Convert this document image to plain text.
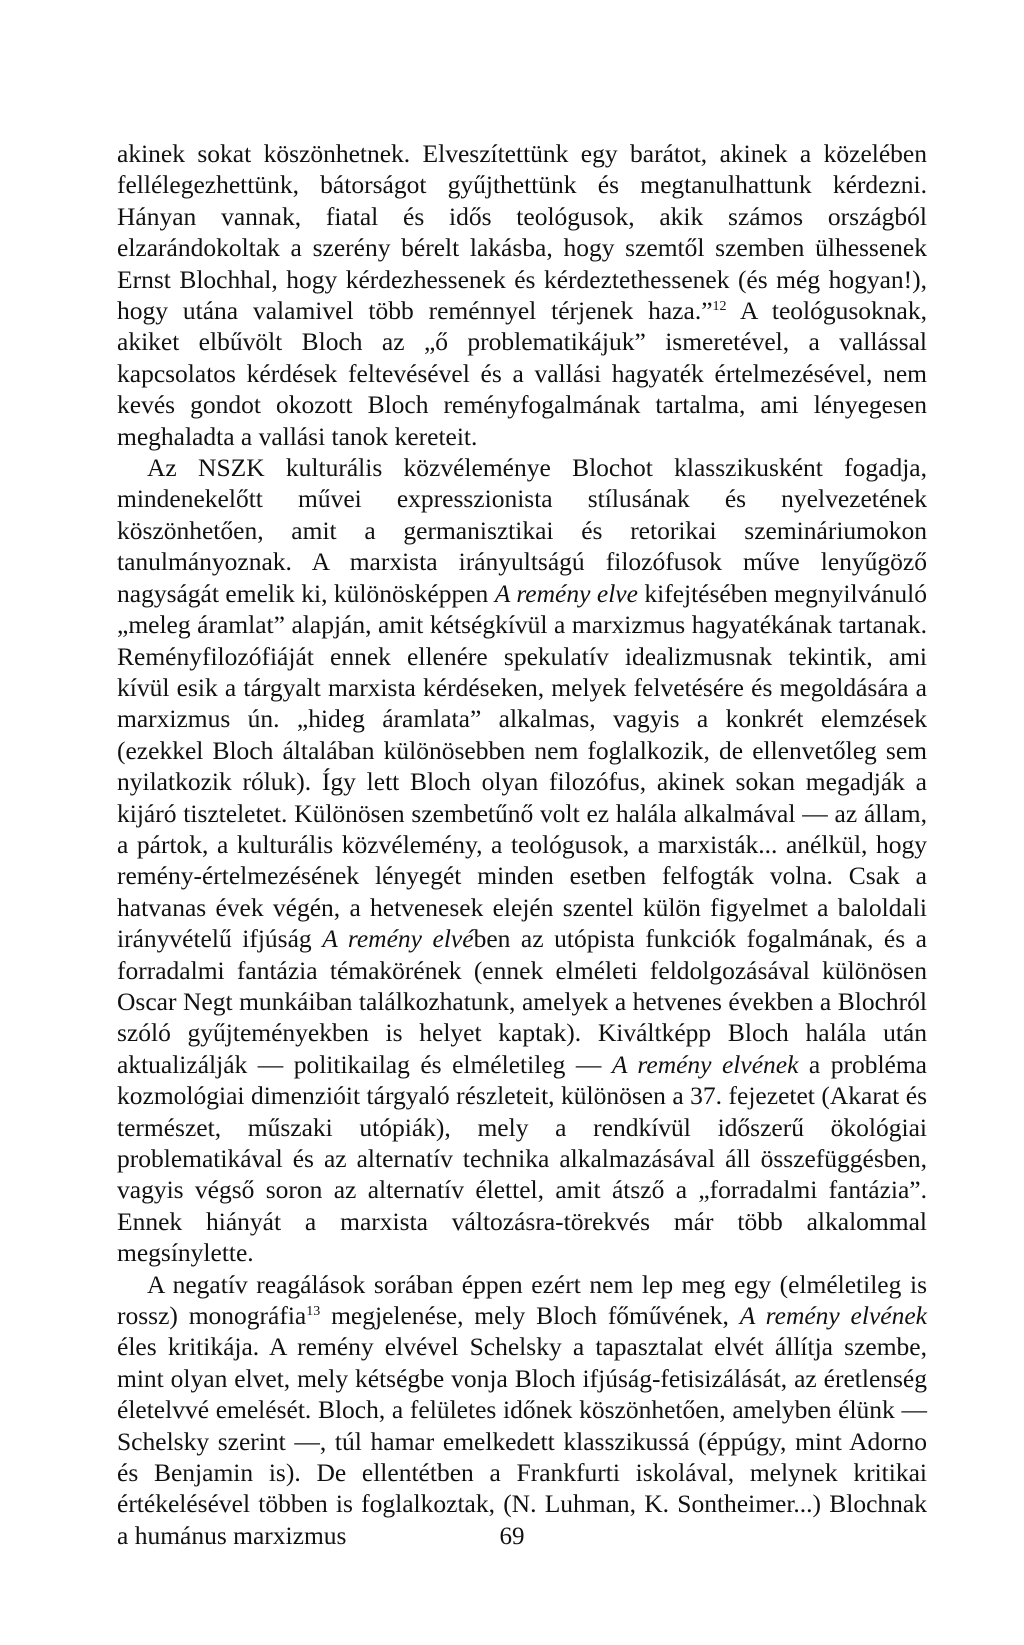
akinek sokat köszönhetnek. Elveszítettünk egy barátot, akinek a közelében fellélegezhettünk, bátorságot gyűjthettünk és megtanulhattunk kérdezni. Hányan vannak, fiatal és idős teológusok, akik számos országból elzarándokoltak a szerény bérelt lakásba, hogy szemtől szemben ülhessenek Ernst Blochhal, hogy kérdezhessenek és kérdeztethessenek (és még hogyan!), hogy utána valamivel több reménnyel térjenek haza.”$^{12}$ A teológusoknak, akiket elbűvölt Bloch az „ő problematikájuk” ismeretével, a vallással kapcsolatos kérdések feltevésével és a vallási hagyaték értelmezésével, nem kevés gondot okozott Bloch reményfogalmának tartalma, ami lényegesen meghaladta a vallási tanok kereteit.

Az NSZK kulturális közvéleménye Blochot klasszikusként fogadja, mindenekelőtt művei expresszionista stílusának és nyelvezetének köszönhetően, amit a germanisztikai és retorikai szemináriumokon tanulmányoznak. A marxista irányultságú filozófusok műve lenyűgöző nagyságát emelik ki, különösképpen A remény elve kifejtésében megnyilvánuló „meleg áramlat” alapján, amit kétségkívül a marxizmus hagyatékának tartanak. Reményfilozófiáját ennek ellenére spekulatív idealizmusnak tekintik, ami kívül esik a tárgyalt marxista kérdéseken, melyek felvetésére és megoldására a marxizmus ún. „hideg áramlata” alkalmas, vagyis a konkrét elemzések (ezekkel Bloch általában különösebben nem foglalkozik, de ellenvetőleg sem nyilatkozik róluk). Így lett Bloch olyan filozófus, akinek sokan megadják a kijáró tiszteletet. Különösen szembetűnő volt ez halála alkalmával — az állam, a pártok, a kulturális közvélemény, a teológusok, a marxisták... anélkül, hogy remény-értelmezésének lényegét minden esetben felfogták volna. Csak a hatvanas évek végén, a hetvenesek elején szentel külön figyelmet a baloldali irányvételű ifjúság A remény elvében az utópista funkciók fogalmának, és a forradalmi fantázia témakörének (ennek elméleti feldolgozásával különösen Oscar Negt munkáiban találkozhatunk, amelyek a hetvenes években a Blochról szóló gyűjteményekben is helyet kaptak). Kiváltképp Bloch halála után aktualizálják — politikailag és elméletileg — A remény elvének a probléma kozmológiai dimenzióit tárgyaló részleteit, különösen a 37. fejezetet (Akarat és természet, műszaki utópiák), mely a rendkívül időszerű ökológiai problematikával és az alternatív technika alkalmazásával áll összefüggésben, vagyis végső soron az alternatív élettel, amit átsző a „forradalmi fantázia”. Ennek hiányát a marxista változásra-törekvés már több alkalommal megsínylette.

A negatív reagálások sorában éppen ezért nem lep meg egy (elméletileg is rossz) monográfia$^{13}$ megjelenése, mely Bloch főművének, A remény elvének éles kritikája. A remény elvével Schelsky a tapasztalat elvét állítja szembe, mint olyan elvet, mely kétségbe vonja Bloch ifjúság-fetisizálását, az éretlenség életelvvé emelését. Bloch, a felületes időnek köszönhetően, amelyben élünk — Schelsky szerint —, túl hamar emelkedett klasszikussá (éppúgy, mint Adorno és Benjamin is). De ellentétben a Frankfurti iskolával, melynek kritikai értékelésével többen is foglalkoztak, (N. Luhman, K. Sontheimer...) Blochnak a humánus marxizmus	69
